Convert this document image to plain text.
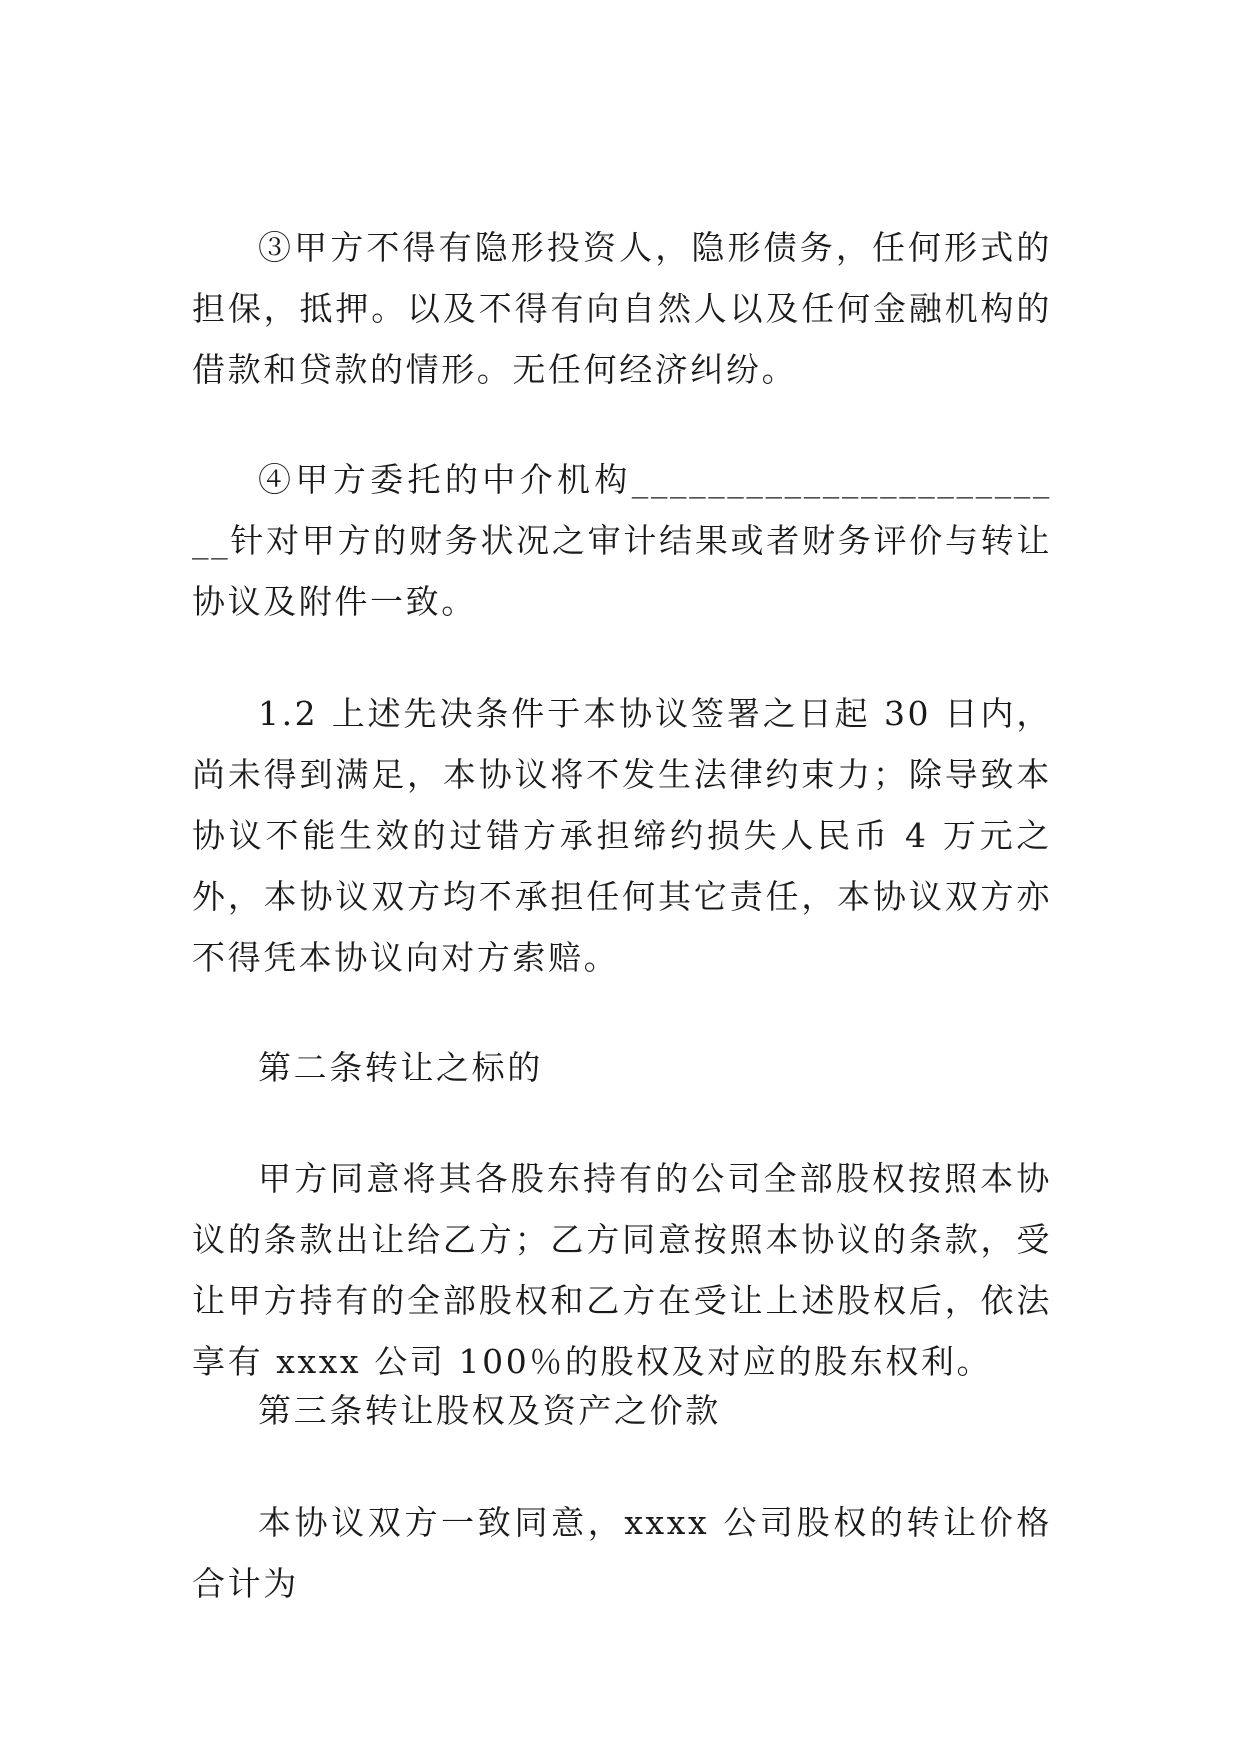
③甲方不得有隐形投资人，隐形债务，任何形式的担保，抵押。以及不得有向自然人以及任何金融机构的借款和贷款的情形。无任何经济纠纷。

④甲方委托的中介机构________________________针对甲方的财务状况之审计结果或者财务评价与转让协议及附件一致。

1.2 上述先决条件于本协议签署之日起 30 日内，尚未得到满足，本协议将不发生法律约束力；除导致本协议不能生效的过错方承担缔约损失人民币 4 万元之外，本协议双方均不承担任何其它责任，本协议双方亦不得凭本协议向对方索赔。

第二条转让之标的

甲方同意将其各股东持有的公司全部股权按照本协议的条款出让给乙方；乙方同意按照本协议的条款，受让甲方持有的全部股权和乙方在受让上述股权后，依法享有 xxxx 公司 100％的股权及对应的股东权利。

第三条转让股权及资产之价款

本协议双方一致同意，xxxx 公司股权的转让价格合计为
